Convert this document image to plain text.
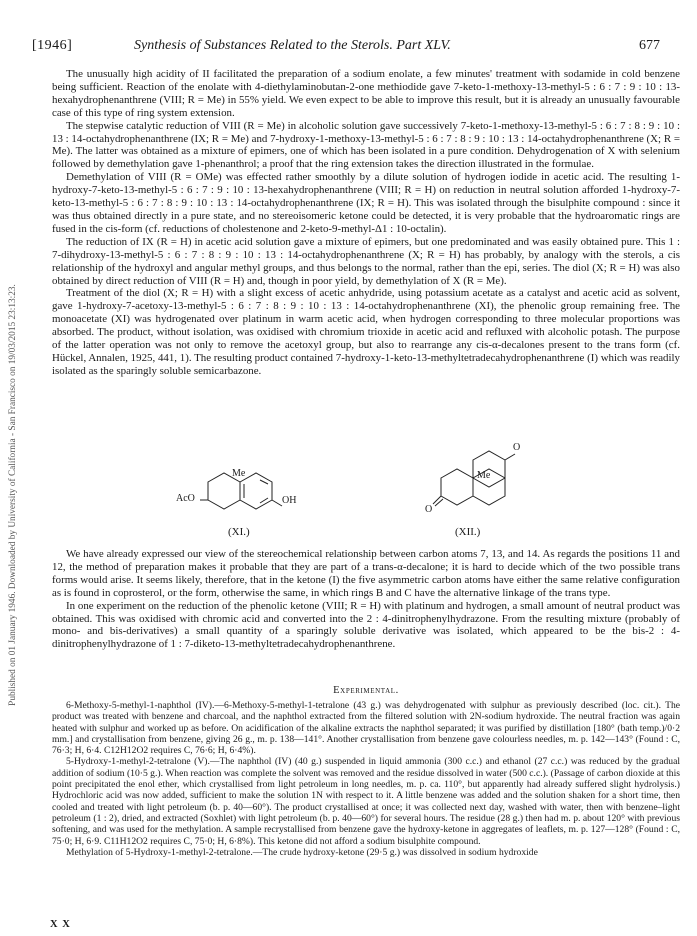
[1946]	Synthesis of Substances Related to the Sterols. Part XLV.	677
Published on 01 January 1946. Downloaded by University of California - San Francisco on 19/03/2015 23:13:23.

The unusually high acidity of II facilitated the preparation of a sodium enolate, a few minutes' treatment with sodamide in cold benzene being sufficient. Reaction of the enolate with 4-diethylaminobutan-2-one methiodide gave 7-keto-1-methoxy-13-methyl-5 : 6 : 7 : 9 : 10 : 13-hexahydrophenanthrene (VIII; R = Me) in 55% yield. We even expect to be able to improve this result, but it is already an unusually favourable case of this type of ring system extension.

The stepwise catalytic reduction of VIII (R = Me) in alcoholic solution gave successively 7-keto-1-methoxy-13-methyl-5 : 6 : 7 : 8 : 9 : 10 : 13 : 14-octahydrophenanthrene (IX; R = Me) and 7-hydroxy-1-methoxy-13-methyl-5 : 6 : 7 : 8 : 9 : 10 : 13 : 14-octahydrophenanthrene (X; R = Me). The latter was obtained as a mixture of epimers, one of which has been isolated in a pure condition. Dehydrogenation of X with selenium followed by demethylation gave 1-phenanthrol; a proof that the ring extension takes the direction illustrated in the formulae.

Demethylation of VIII (R = OMe) was effected rather smoothly by a dilute solution of hydrogen iodide in acetic acid. The resulting 1-hydroxy-7-keto-13-methyl-5 : 6 : 7 : 9 : 10 : 13-hexahydrophenanthrene (VIII; R = H) on reduction in neutral solution afforded 1-hydroxy-7-keto-13-methyl-5 : 6 : 7 : 8 : 9 : 10 : 13 : 14-octahydrophenanthrene (IX; R = H). This was isolated through the bisulphite compound : since it was thus obtained directly in a pure state, and no stereoisomeric ketone could be detected, it is very probable that the hydroaromatic rings are fused in the cis-form (cf. reductions of cholestenone and 2-keto-9-methyl-Δ1 : 10-octalin).

The reduction of IX (R = H) in acetic acid solution gave a mixture of epimers, but one predominated and was easily obtained pure. This 1 : 7-dihydroxy-13-methyl-5 : 6 : 7 : 8 : 9 : 10 : 13 : 14-octahydrophenanthrene (X; R = H) has probably, by analogy with the sterols, a cis relationship of the hydroxyl and angular methyl groups, and thus belongs to the normal, rather than the epi, series. The diol (X; R = H) was also obtained by direct reduction of VIII (R = H) and, though in poor yield, by demethylation of X (R = Me).

Treatment of the diol (X; R = H) with a slight excess of acetic anhydride, using potassium acetate as a catalyst and acetic acid as solvent, gave 1-hydroxy-7-acetoxy-13-methyl-5 : 6 : 7 : 8 : 9 : 10 : 13 : 14-octahydrophenanthrene (XI), the phenolic group remaining free. The monoacetate (XI) was hydrogenated over platinum in warm acetic acid, when hydrogen corresponding to three molecular proportions was absorbed. The product, without isolation, was oxidised with chromium trioxide in acetic acid and refluxed with alcoholic potash. The purpose of the latter operation was not only to remove the acetoxyl group, but also to rearrange any cis-α-decalones present to the trans form (cf. Hückel, Annalen, 1925, 441, 1). The resulting product contained 7-hydroxy-1-keto-13-methyltetradecahydrophenanthrene (I) which was readily isolated as the sparingly soluble semicarbazone.

Me
OH
AcO
(XI.)
O
O
Me
(XII.)

We have already expressed our view of the stereochemical relationship between carbon atoms 7, 13, and 14. As regards the positions 11 and 12, the method of preparation makes it probable that they are part of a trans-α-decalone; it is hard to decide which of the two possible trans forms would arise. It seems likely, therefore, that in the ketone (I) the five asymmetric carbon atoms have either the same relative configuration as is found in coprosterol, or the form, otherwise the same, in which rings B and C have the alternative linkage of the trans type.

In one experiment on the reduction of the phenolic ketone (VIII; R = H) with platinum and hydrogen, a small amount of neutral product was obtained. This was oxidised with chromic acid and converted into the 2 : 4-dinitrophenylhydrazone. From the resulting mixture (probably of mono- and bis-derivatives) a small quantity of a sparingly soluble derivative was isolated, which appeared to be the bis-2 : 4-dinitrophenylhydrazone of 1 : 7-diketo-13-methyltetradecahydrophenanthrene.

Experimental.

6-Methoxy-5-methyl-1-naphthol (IV).—6-Methoxy-5-methyl-1-tetralone (43 g.) was dehydrogenated with sulphur as previously described (loc. cit.). The product was treated with benzene and charcoal, and the naphthol extracted from the filtered solution with 2N-sodium hydroxide. The neutral fraction was again heated with sulphur and worked up as before. On acidification of the alkaline extracts the naphthol separated; it was purified by distillation [180° (bath temp.)/0·2 mm.] and crystallisation from benzene, giving 26 g., m. p. 138—141°. Another crystallisation from benzene gave colourless needles, m. p. 142—143° (Found : C, 76·3; H, 6·4. C12H12O2 requires C, 76·6; H, 6·4%).

5-Hydroxy-1-methyl-2-tetralone (V).—The naphthol (IV) (40 g.) suspended in liquid ammonia (300 c.c.) and ethanol (27 c.c.) was reduced by the gradual addition of sodium (10·5 g.). When reaction was complete the solvent was removed and the residue dissolved in water (500 c.c.). (Passage of carbon dioxide at this point precipitated the enol ether, which crystallised from light petroleum in long needles, m. p. ca. 110°, but apparently had already suffered slight hydrolysis.) Hydrochloric acid was now added, sufficient to make the solution 1N with respect to it. A little benzene was added and the solution shaken for a short time, then cooled and treated with light petroleum (b. p. 40—60°). The product crystallised at once; it was collected next day, washed with water, then with benzene–light petroleum (1 : 2), dried, and extracted (Soxhlet) with light petroleum (b. p. 40—60°) for several hours. The residue (28 g.) then had m. p. about 120° with previous softening, and was used for the methylation. A sample recrystallised from benzene gave the hydroxy-ketone in aggregates of leaflets, m. p. 127—128° (Found : C, 75·0; H, 6·9. C11H12O2 requires C, 75·0; H, 6·8%). This ketone did not afford a sodium bisulphite compound.

Methylation of 5-Hydroxy-1-methyl-2-tetralone.—The crude hydroxy-ketone (29·5 g.) was dissolved in sodium hydroxide

X X
